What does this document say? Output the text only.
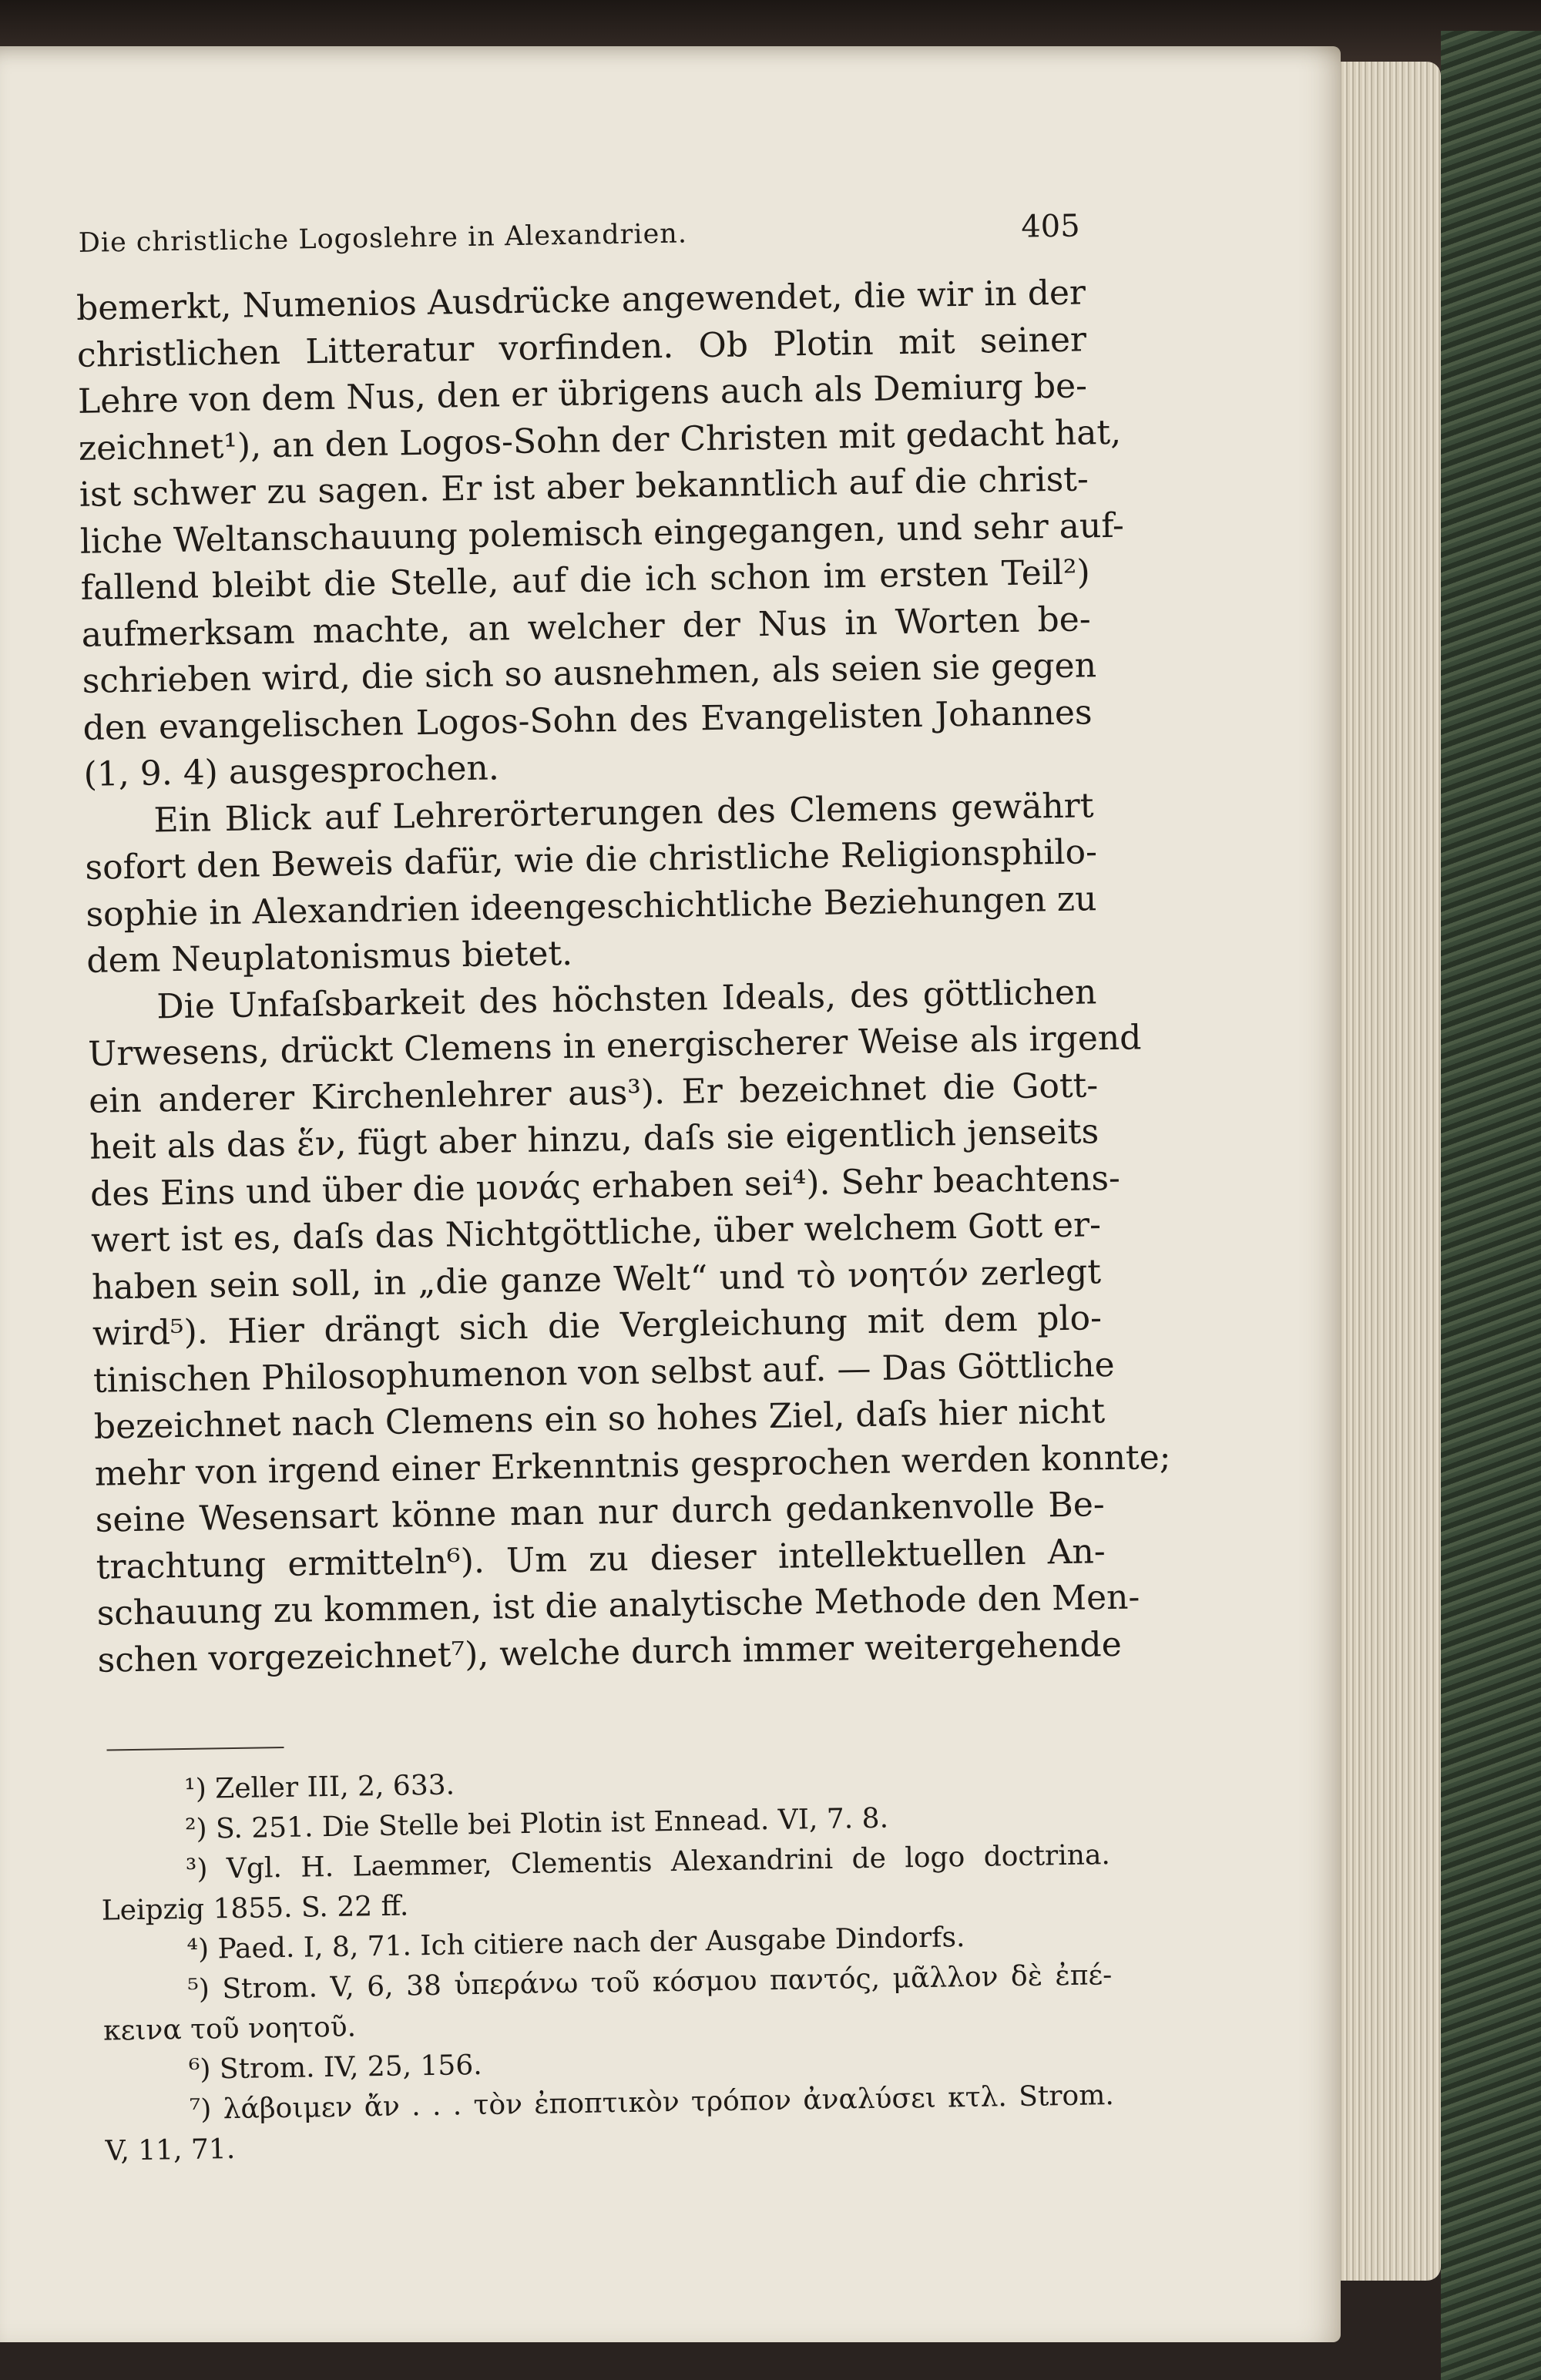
Die christliche Logoslehre in Alexandrien.	405
bemerkt, Numenios Ausdrücke angewendet, die wir in der
christlichen Litteratur vorfinden. Ob Plotin mit seiner
Lehre von dem Nus, den er übrigens auch als Demiurg be-
zeichnet¹), an den Logos-Sohn der Christen mit gedacht hat,
ist schwer zu sagen. Er ist aber bekanntlich auf die christ-
liche Weltanschauung polemisch eingegangen, und sehr auf-
fallend bleibt die Stelle, auf die ich schon im ersten Teil²)
aufmerksam machte, an welcher der Nus in Worten be-
schrieben wird, die sich so ausnehmen, als seien sie gegen
den evangelischen Logos-Sohn des Evangelisten Johannes
(1, 9. 4) ausgesprochen.
Ein Blick auf Lehrerörterungen des Clemens gewährt
sofort den Beweis dafür, wie die christliche Religionsphilo-
sophie in Alexandrien ideengeschichtliche Beziehungen zu
dem Neuplatonismus bietet.
Die Unfaſsbarkeit des höchsten Ideals, des göttlichen
Urwesens, drückt Clemens in energischerer Weise als irgend
ein anderer Kirchenlehrer aus³). Er bezeichnet die Gott-
heit als das ἕν, fügt aber hinzu, daſs sie eigentlich jenseits
des Eins und über die μονάς erhaben sei⁴). Sehr beachtens-
wert ist es, daſs das Nichtgöttliche, über welchem Gott er-
haben sein soll, in „die ganze Welt“ und τὸ νοητόν zerlegt
wird⁵). Hier drängt sich die Vergleichung mit dem plo-
tinischen Philosophumenon von selbst auf. — Das Göttliche
bezeichnet nach Clemens ein so hohes Ziel, daſs hier nicht
mehr von irgend einer Erkenntnis gesprochen werden konnte;
seine Wesensart könne man nur durch gedankenvolle Be-
trachtung ermitteln⁶). Um zu dieser intellektuellen An-
schauung zu kommen, ist die analytische Methode den Men-
schen vorgezeichnet⁷), welche durch immer weitergehende
¹) Zeller III, 2, 633.
²) S. 251. Die Stelle bei Plotin ist Ennead. VI, 7. 8.
³) Vgl. H. Laemmer, Clementis Alexandrini de logo doctrina.
Leipzig 1855. S. 22 ff.
⁴) Paed. I, 8, 71. Ich citiere nach der Ausgabe Dindorfs.
⁵) Strom. V, 6, 38 ὑπεράνω τοῦ κόσμου παντός, μᾶλλον δὲ ἐπέ-
κεινα τοῦ νοητοῦ.
⁶) Strom. IV, 25, 156.
⁷) λάβοιμεν ἄν . . . τὸν ἐποπτικὸν τρόπον ἀναλύσει κτλ. Strom.
V, 11, 71.
